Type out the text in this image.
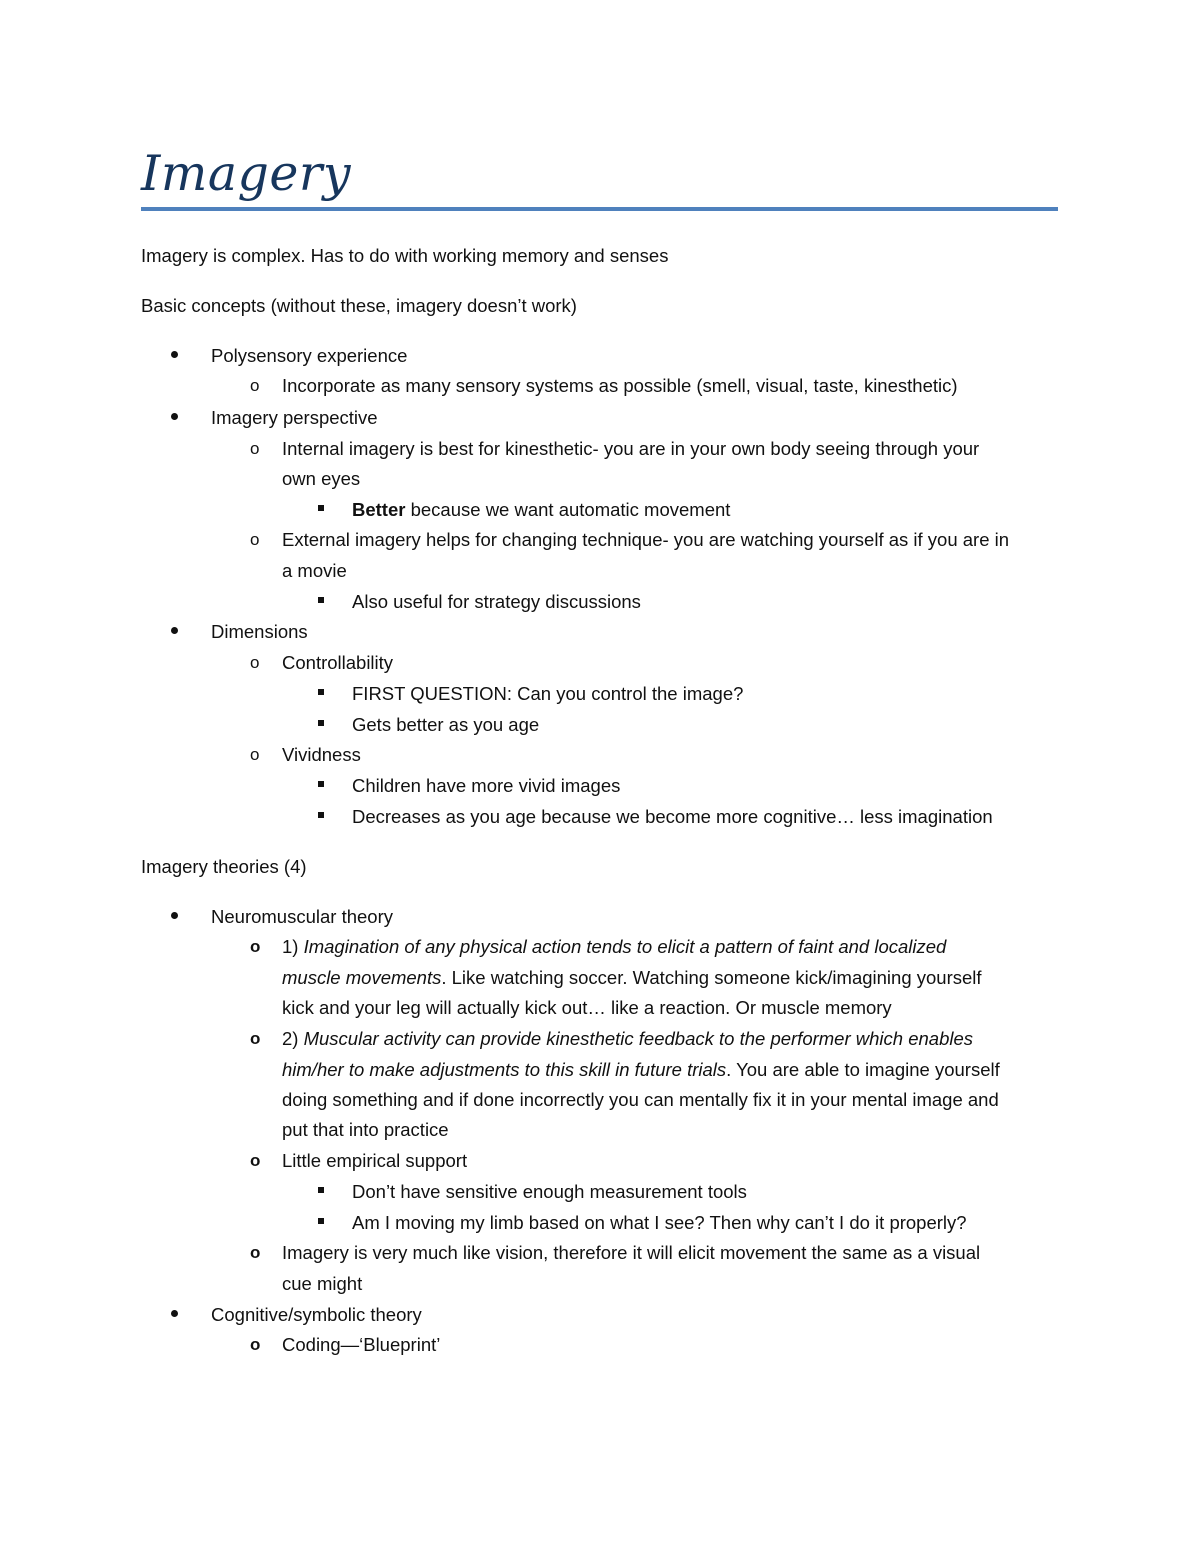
Imagery
Imagery is complex. Has to do with working memory and senses
Basic concepts (without these, imagery doesn’t work)
Polysensory experience
o Incorporate as many sensory systems as possible (smell, visual, taste, kinesthetic)
Imagery perspective
o Internal imagery is best for kinesthetic- you are in your own body seeing through your
own eyes
Better because we want automatic movement
o External imagery helps for changing technique- you are watching yourself as if you are in
a movie
Also useful for strategy discussions
Dimensions
o Controllability
FIRST QUESTION: Can you control the image?
Gets better as you age
o Vividness
Children have more vivid images
Decreases as you age because we become more cognitive… less imagination
Imagery theories (4)
Neuromuscular theory
o 1) Imagination of any physical action tends to elicit a pattern of faint and localized
muscle movements. Like watching soccer. Watching someone kick/imagining yourself
kick and your leg will actually kick out… like a reaction. Or muscle memory
o 2) Muscular activity can provide kinesthetic feedback to the performer which enables
him/her to make adjustments to this skill in future trials. You are able to imagine yourself
doing something and if done incorrectly you can mentally fix it in your mental image and
put that into practice
o Little empirical support
Don’t have sensitive enough measurement tools
Am I moving my limb based on what I see? Then why can’t I do it properly?
o Imagery is very much like vision, therefore it will elicit movement the same as a visual
cue might
Cognitive/symbolic theory
o Coding—‘Blueprint’
